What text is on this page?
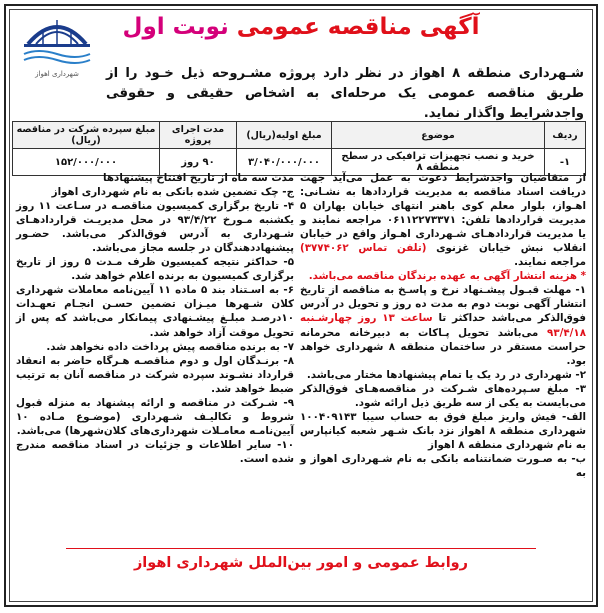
آگهی مناقصه عمومی نوبت اول
شهرداری اهواز	شـهرداری منطقه ۸ اهواز در نظر دارد پروژه مشـروحه ذیل خـود را از طریق مناقصه عمومی یک مرحله‌ای به اشخاص حقیقی و حقوقی واجدشرایط واگذار نماید.
ردیف	موضوع	مبلغ اولیه(ریال)	مدت اجرای پروژه	مبلغ سپرده شرکت در مناقصه (ریال)
۱-	خرید و نصب تجهیزات ترافیکی در سطح منطقه ۸	۳/۰۴۰/۰۰۰/۰۰۰	۹۰ روز	۱۵۲/۰۰۰/۰۰۰

از متقاضیان واجدشرایط دعوت به عمل می‌آید جهت دریافت اسناد مناقصه به مدیریت قراردادها به نشـانی: اهـواز، بلوار معلم کوی باهنر انتهای خیابان بهاران ۵ مدیریت قراردادها تلفن: ۰۶۱۱۲۲۷۳۳۷۱ مراجعه نمایند و یا مدیریت قراردادهـای شـهرداری اهـواز واقع در خیابان انقلاب نبش خیابان غزنوی (تلفن تماس ۳۷۷۴۰۶۲) مراجعه نمایند.

* هزینه انتشار آگهی به عهده برندگان مناقصه می‌باشد.

۱- مهلت قبـول پیشـنهاد نرخ و پاسـخ به مناقصه از تاریخ انتشار آگهی نوبت دوم به مدت ده روز و تحویل در آدرس فوق‌الذکر می‌باشد حداکثر تا ساعت ۱۳ روز چهارشـنبه ۹۳/۴/۱۸ می‌باشد تحویل پـاکات به دبیرخانه محرمانه حراست مستقر در ساختمان منطقه ۸ شهرداری خواهد بود.

۲- شهرداری در رد یک یا تمام پیشنهادها مختار می‌باشد.

۳- مبلغ سـپرده‌های شـرکت در مناقصه‌هـای فوق‌الذکر می‌بایست به یکی از سه طریق ذیل ارائه شود.

الف- فیش واریز مبلغ فوق به حساب سیبا ۱۰۰۴۰۹۱۴۳ شهرداری منطقه ۸ اهواز نزد بانک شـهر شعبه کیانپارس به نام شهرداری منطقه ۸ اهواز

ب- به صـورت ضمانتنامه بانکی به نام شـهرداری اهواز و به

مدت سه ماه از تاریخ افتتاح پیشنهادها

ج- چک تضمین شده بانکی به نام شهرداری اهواز

۴- تاریخ برگزاری کمیسیون مناقصـه در سـاعت ۱۱ روز یکشنبه مـورخ ۹۳/۴/۲۲ در محل مدیریـت قراردادهـای شـهرداری به آدرس فوق‌الذکر می‌باشد. حضـور پیشنهاددهندگان در جلسه مجاز می‌باشد.

۵- حداکثر نتیجه کمیسیون ظرف مـدت ۵ روز از تاریخ برگزاری کمیسیون به برنده اعلام خواهد شد.

۶- به اسـتناد بند ۵ ماده ۱۱ آیین‌نامه معاملات شهرداری کلان شـهرها میـزان تضمین حسـن انجـام تعهـدات ۱۰درصـد مبلـغ پیشـنهادی پیمانکار می‌باشد که پس از تحویل موقت آزاد خواهد شد.

۷- به برنده مناقصه پیش پرداخت داده نخواهد شد.

۸- برنـدگان اول و دوم مناقصـه هـرگاه حاضر به انعقاد قرارداد نشـوند سپرده شرکت در مناقصه آنان به ترتیب ضبط خواهد شد.

۹- شـرکت در مناقصه و ارائه پیشنهاد به منزله قبول شروط و تکالیـف شـهرداری (موضـوع مـاده ۱۰ آیین‌نامـه معامـلات شهرداری‌های کلان‌شهرها) می‌باشد.

۱۰- سایر اطلاعات و جزئیات در اسناد مناقصه مندرج شده است.

روابط عمومی و امور بین‌الملل شهرداری اهواز
